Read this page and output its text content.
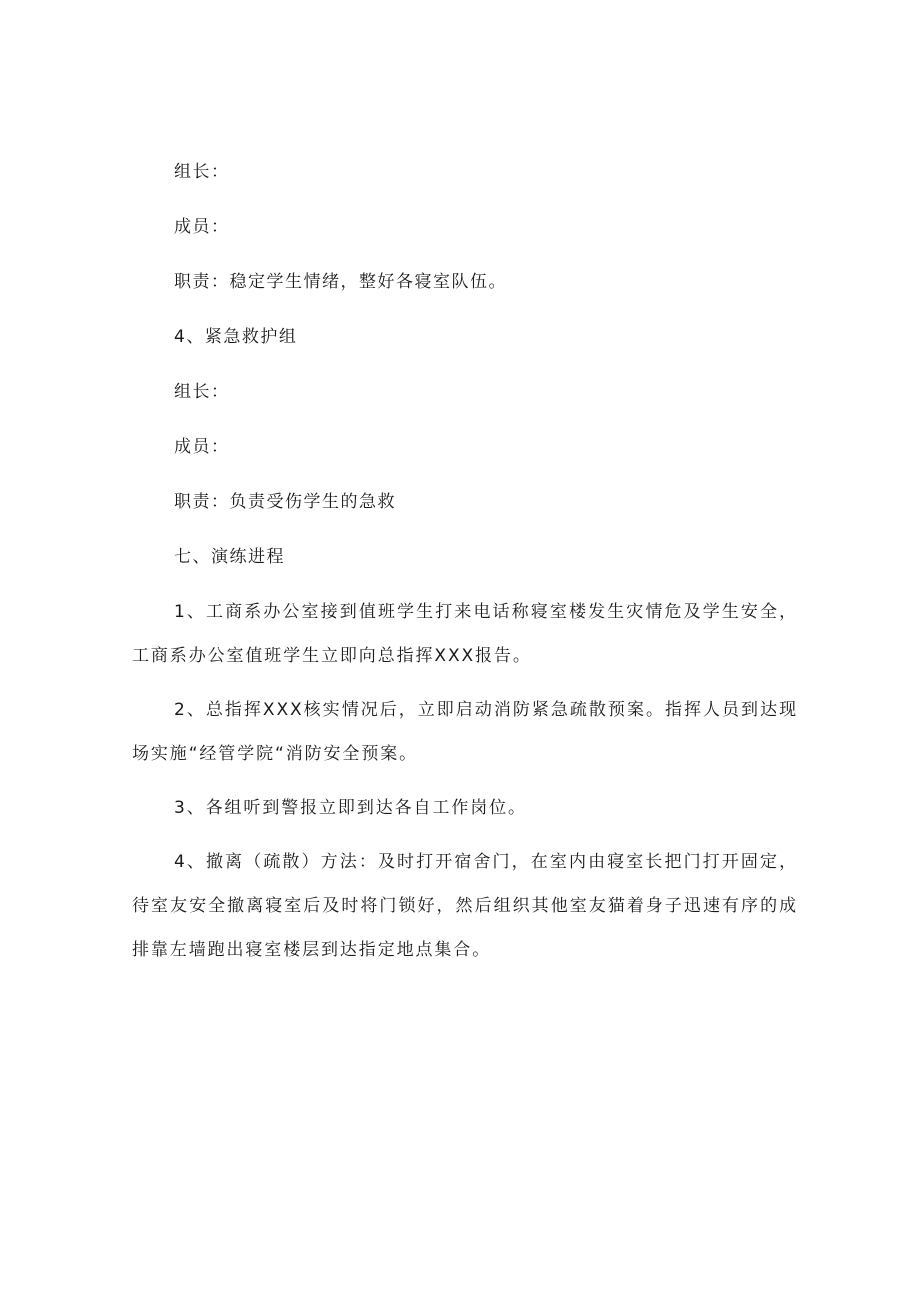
组长：

成员：

职责：稳定学生情绪，整好各寝室队伍。

4、紧急救护组

组长：

成员：

职责：负责受伤学生的急救

七、演练进程

1、工商系办公室接到值班学生打来电话称寝室楼发生灾情危及学生安全，工商系办公室值班学生立即向总指挥XXX报告。

2、总指挥XXX核实情况后，立即启动消防紧急疏散预案。指挥人员到达现场实施“经管学院“消防安全预案。

3、各组听到警报立即到达各自工作岗位。

4、撤离（疏散）方法：及时打开宿舍门，在室内由寝室长把门打开固定，待室友安全撤离寝室后及时将门锁好，然后组织其他室友猫着身子迅速有序的成排靠左墙跑出寝室楼层到达指定地点集合。
